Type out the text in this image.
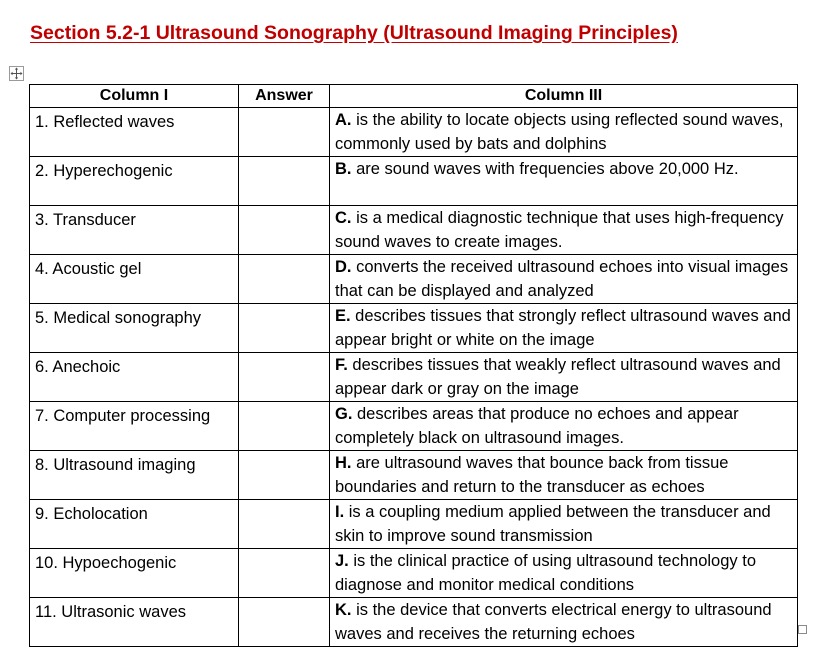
Section 5.2-1 Ultrasound Sonography (Ultrasound Imaging Principles)
Column I	Answer	Column III
1. Reflected waves		A. is the ability to locate objects using reflected sound waves, commonly used by bats and dolphins
2. Hyperechogenic		B. are sound waves with frequencies above 20,000 Hz.
3. Transducer		C. is a medical diagnostic technique that uses high-frequency sound waves to create images.
4. Acoustic gel		D. converts the received ultrasound echoes into visual images that can be displayed and analyzed
5. Medical sonography		E. describes tissues that strongly reflect ultrasound waves and appear bright or white on the image
6. Anechoic		F. describes tissues that weakly reflect ultrasound waves and appear dark or gray on the image
7. Computer processing		G. describes areas that produce no echoes and appear completely black on ultrasound images.
8. Ultrasound imaging		H. are ultrasound waves that bounce back from tissue boundaries and return to the transducer as echoes
9. Echolocation		I. is a coupling medium applied between the transducer and skin to improve sound transmission
10. Hypoechogenic		J. is the clinical practice of using ultrasound technology to diagnose and monitor medical conditions
11. Ultrasonic waves		K. is the device that converts electrical energy to ultrasound waves and receives the returning echoes
